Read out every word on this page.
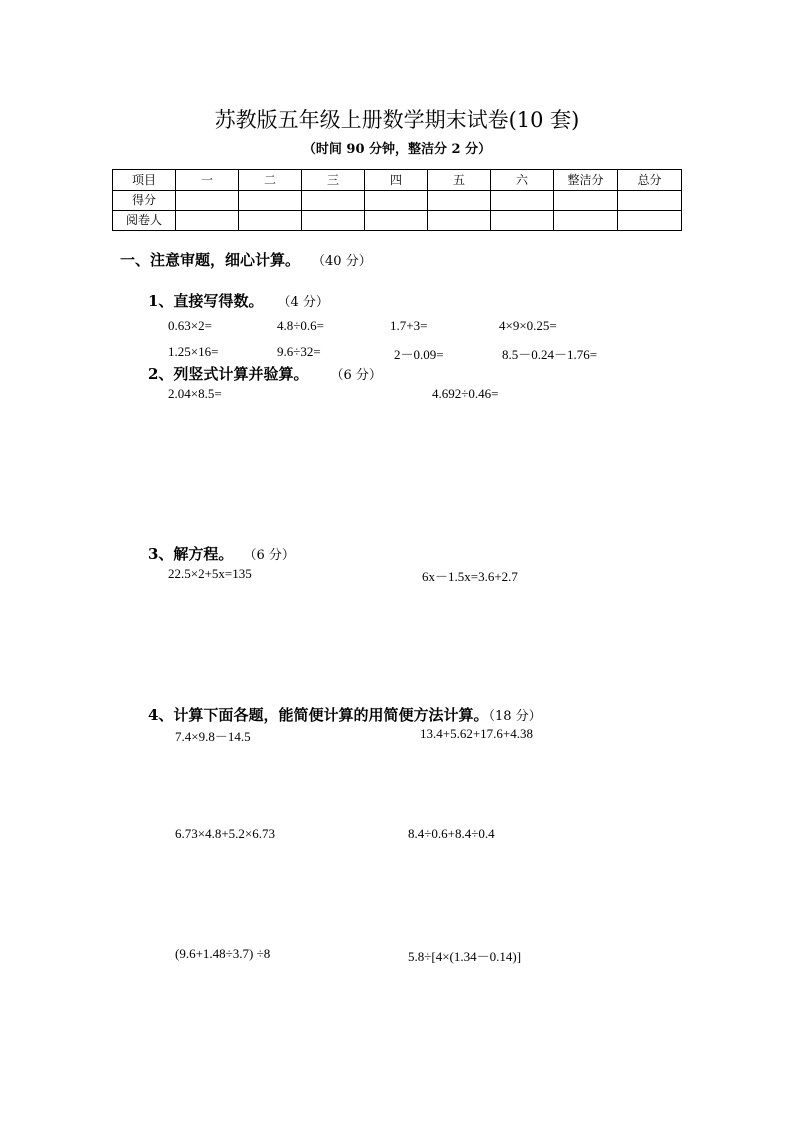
苏教版五年级上册数学期末试卷(10 套)
（时间 90 分钟，整洁分 2 分）
项目	一	二	三	四	五	六	整洁分	总分
得分								
阅卷人								
一、注意审题，细心计算。 （40 分）
1、直接写得数。 （4 分）
0.63×2=	4.8÷0.6=	1.7+3=	4×9×0.25=
1.25×16=	9.6÷32=	2－0.09=	8.5－0.24－1.76=
2、列竖式计算并验算。 （6 分）
2.04×8.5=	4.692÷0.46=
3、解方程。 （6 分）
22.5×2+5x=135	6x－1.5x=3.6+2.7
4、计算下面各题，能简便计算的用简便方法计算。（18 分）
7.4×9.8－14.5	13.4+5.62+17.6+4.38
6.73×4.8+5.2×6.73	8.4÷0.6+8.4÷0.4
(9.6+1.48÷3.7) ÷8	5.8÷[4×(1.34－0.14)]
